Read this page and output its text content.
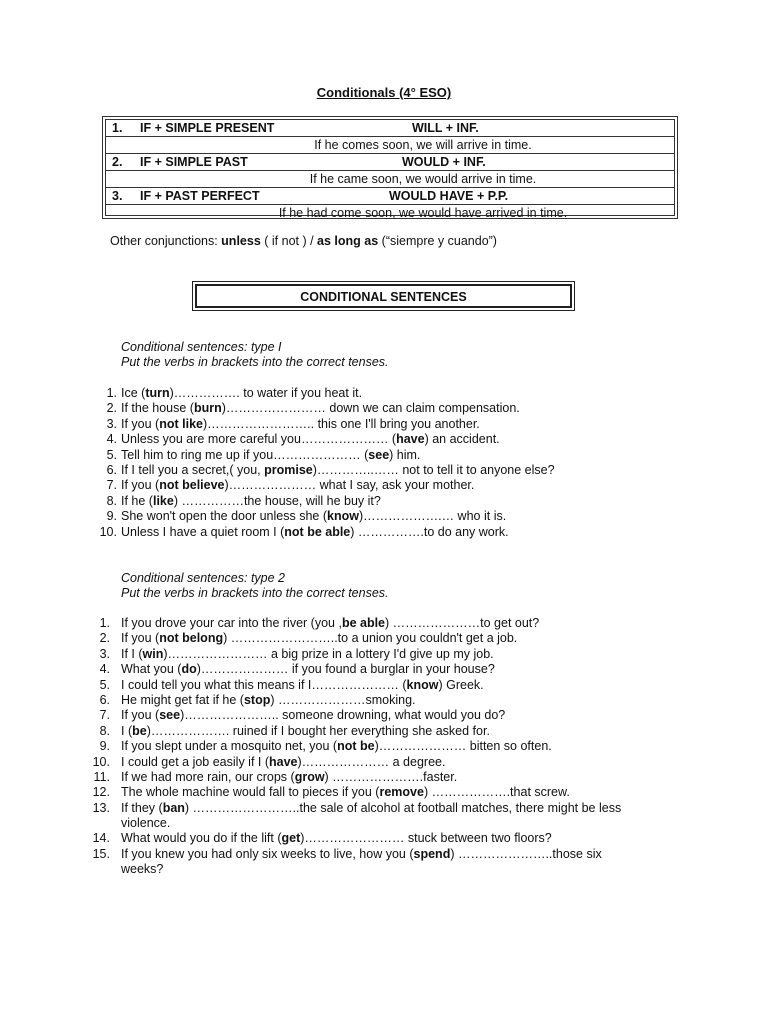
Conditionals (4° ESO)
1. IF + SIMPLE PRESENT	WILL + INF.
If he comes soon, we will arrive in time.
2. IF + SIMPLE PAST	WOULD + INF.
If he came soon, we would arrive in time.
3. IF + PAST PERFECT	WOULD HAVE + P.P.
If he had come soon, we would have arrived in time.
Other conjunctions: unless ( if not ) / as long as (“siempre y cuando”)
CONDITIONAL SENTENCES
Conditional sentences: type I
Put the verbs in brackets into the correct tenses.
1. Ice (turn)……………. to water if you heat it.
2. If the house (burn)…………………… down we can claim compensation.
3. If you (not like)…………………….. this one I'll bring you another.
4. Unless you are more careful you………………… (have) an accident.
5. Tell him to ring me up if you………………… (see) him.
6. If I tell you a secret,( you, promise)…………..…… not to tell it to anyone else?
7. If you (not believe)………………… what I say, ask your mother.
8. If he (like) ……………the house, will he buy it?
9. She won't open the door unless she (know)……………….… who it is.
10. Unless I have a quiet room I (not be able) …………….to do any work.
Conditional sentences: type 2
Put the verbs in brackets into the correct tenses.
1. If you drove your car into the river (you ,be able) …………………to get out?
2. If you (not belong) ……………………..to a union you couldn't get a job.
3. If I (win)…………………… a big prize in a lottery I'd give up my job.
4. What you (do)………………… if you found a burglar in your house?
5. I could tell you what this means if I………………… (know) Greek.
6. He might get fat if he (stop) …………………smoking.
7. If you (see)………………….. someone drowning, what would you do?
8. I (be)………………. ruined if I bought her everything she asked for.
9. If you slept under a mosquito net, you (not be)………………… bitten so often.
10. I could get a job easily if I (have)………………… a degree.
11. If we had more rain, our crops (grow) ………………….faster.
12. The whole machine would fall to pieces if you (remove) ……………….that screw.
13. If they (ban) ……………………..the sale of alcohol at football matches, there might be less violence.
14. What would you do if the lift (get)…………………… stuck between two floors?
15. If you knew you had only six weeks to live, how you (spend) …………………..those six weeks?
